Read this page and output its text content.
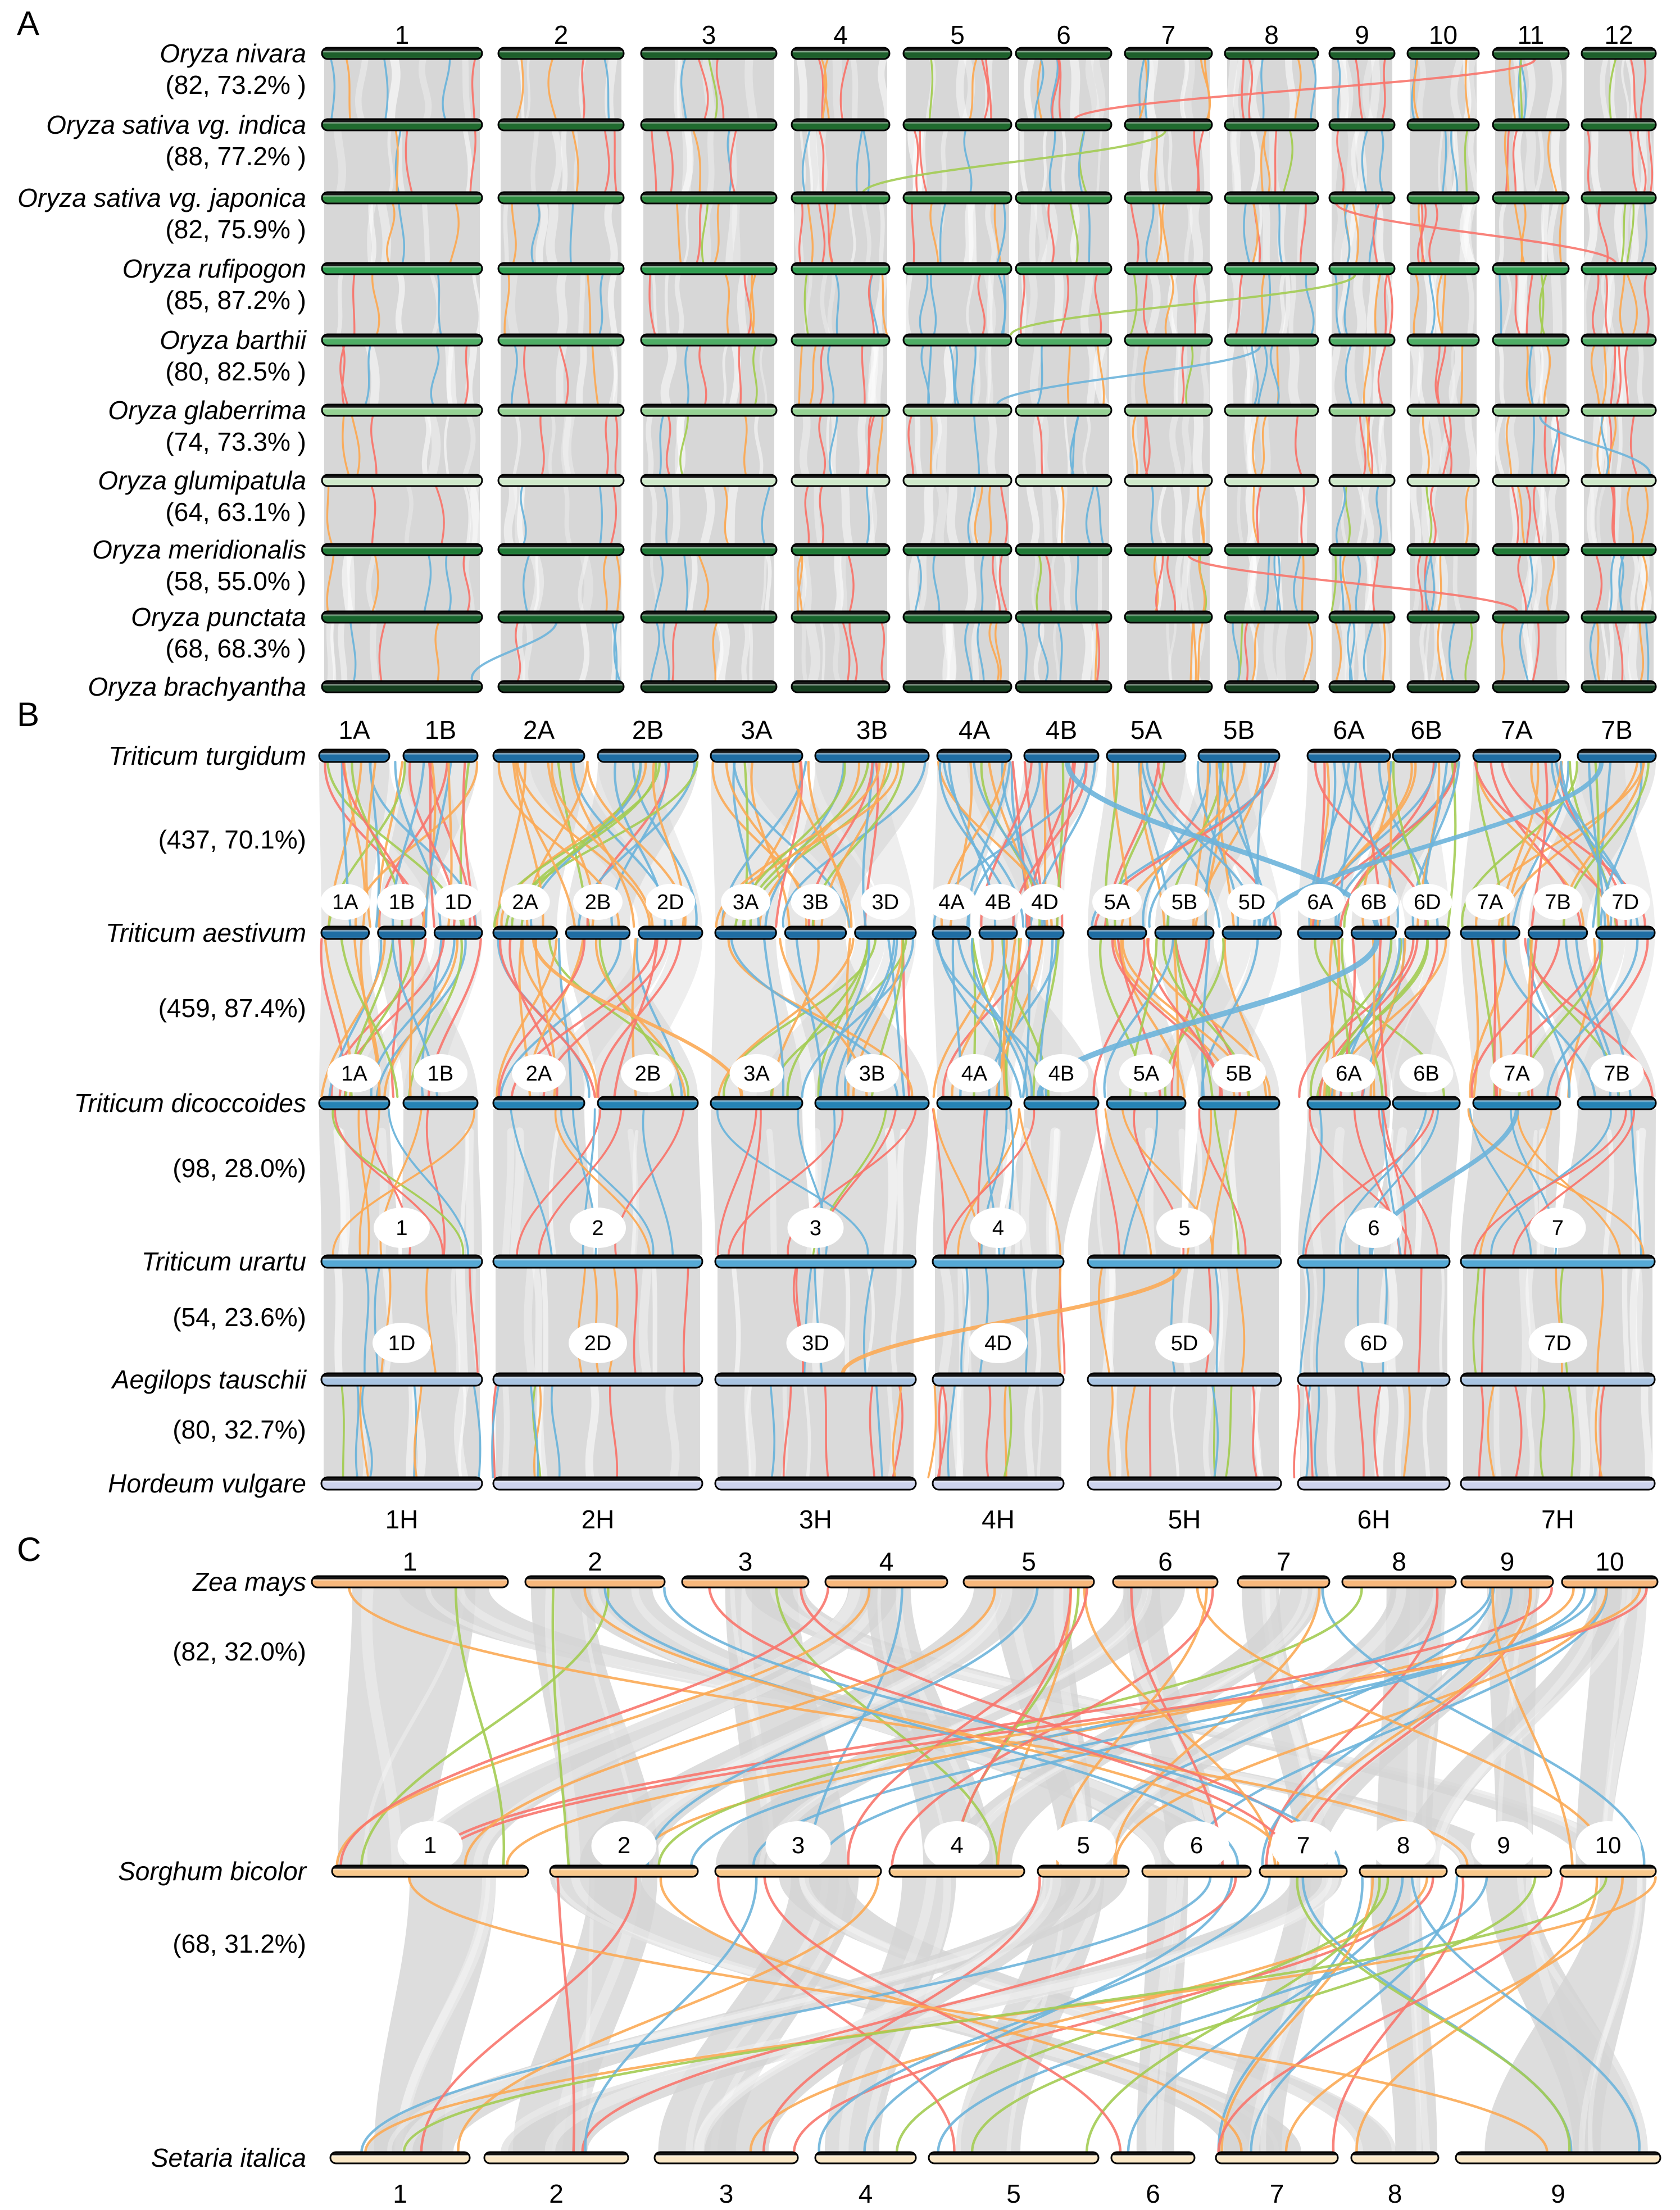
1	2	3	4	5	6	7	8	9 10 11 12
Oryza nivara
(82, 73.2% )
Oryza sativa vg. indica
(88, 77.2% )
Oryza sativa vg. japonica
(82, 75.9% )
Oryza rufipogon
(85, 87.2% )
Oryza barthii
(80, 82.5% )
Oryza glaberrima
(74, 73.3% )
Oryza glumipatula
(64, 63.1% )
Oryza meridionalis
(58, 55.0% )
Oryza punctata
(68, 68.3% )
Oryza brachyantha
1A 1B 1D 2A 2B 2D 3A 3B 3D 4A 4B 4D 5A 5B 5D 6A 6B 6D 7A 7B 7D
1A	1B	2A	2B	3A	3B	4A	4B	5A	5B	6A 6B	7A	7B
1	2	3	4	5	6	7
1D	2D	3D	4D	5D	6D	7D
1A 1B	2A	2B	3A	3B	4A 4B 5A 5B	6A 6B 7A	7B
1H	2H	3H	4H	5H	6H	7H
Triticum turgidum
(437, 70.1%)
Triticum aestivum
(459, 87.4%)
Triticum dicoccoides
(98, 28.0%)
Triticum urartu
(54, 23.6%)
Aegilops tauschii
(80, 32.7%)
Hordeum vulgare
1	2	3	4	5	6	7	8	9	10
1	2	3	4	5	6	7	8	9	10
1	2	3	4	5	6	7	8	9
Zea mays
(82, 32.0%)
Sorghum bicolor
(68, 31.2%)
Setaria italica
A
B
C
